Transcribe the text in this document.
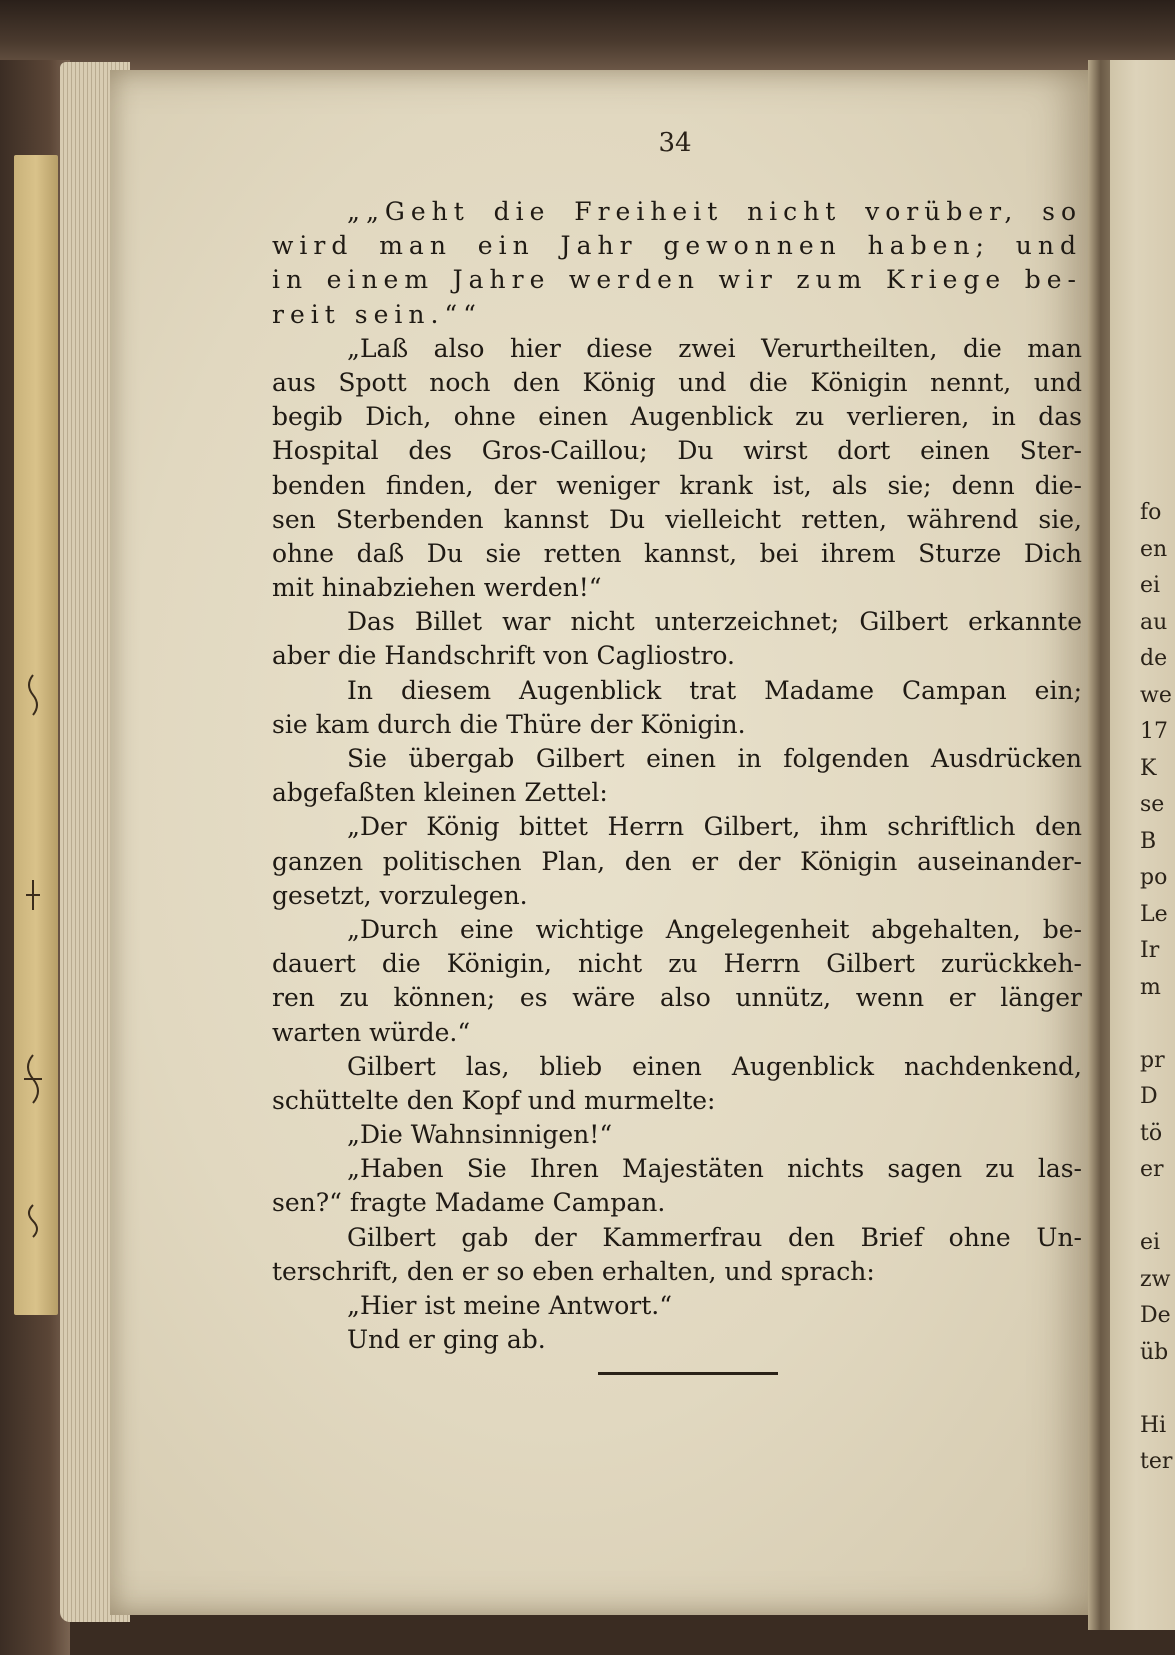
fo
en
ei
au
de
we
17
K
se
B
po
Le
Ir
m
pr
D
tö
er
ei
zw
De
üb
Hi
ter
34
„„Geht die Freiheit nicht vorüber, so
wird man ein Jahr gewonnen haben; und
in einem Jahre werden wir zum Kriege be-
reit sein.““
„Laß also hier diese zwei Verurtheilten, die man
aus Spott noch den König und die Königin nennt, und
begib Dich, ohne einen Augenblick zu verlieren, in das
Hospital des Gros-Caillou; Du wirst dort einen Ster-
benden finden, der weniger krank ist, als sie; denn die-
sen Sterbenden kannst Du vielleicht retten, während sie,
ohne daß Du sie retten kannst, bei ihrem Sturze Dich
mit hinabziehen werden!“
Das Billet war nicht unterzeichnet; Gilbert erkannte
aber die Handschrift von Cagliostro.
In diesem Augenblick trat Madame Campan ein;
sie kam durch die Thüre der Königin.
Sie übergab Gilbert einen in folgenden Ausdrücken
abgefaßten kleinen Zettel:
„Der König bittet Herrn Gilbert, ihm schriftlich den
ganzen politischen Plan, den er der Königin auseinander-
gesetzt, vorzulegen.
„Durch eine wichtige Angelegenheit abgehalten, be-
dauert die Königin, nicht zu Herrn Gilbert zurückkeh-
ren zu können; es wäre also unnütz, wenn er länger
warten würde.“
Gilbert las, blieb einen Augenblick nachdenkend,
schüttelte den Kopf und murmelte:
„Die Wahnsinnigen!“
„Haben Sie Ihren Majestäten nichts sagen zu las-
sen?“ fragte Madame Campan.
Gilbert gab der Kammerfrau den Brief ohne Un-
terschrift, den er so eben erhalten, und sprach:
„Hier ist meine Antwort.“
Und er ging ab.
